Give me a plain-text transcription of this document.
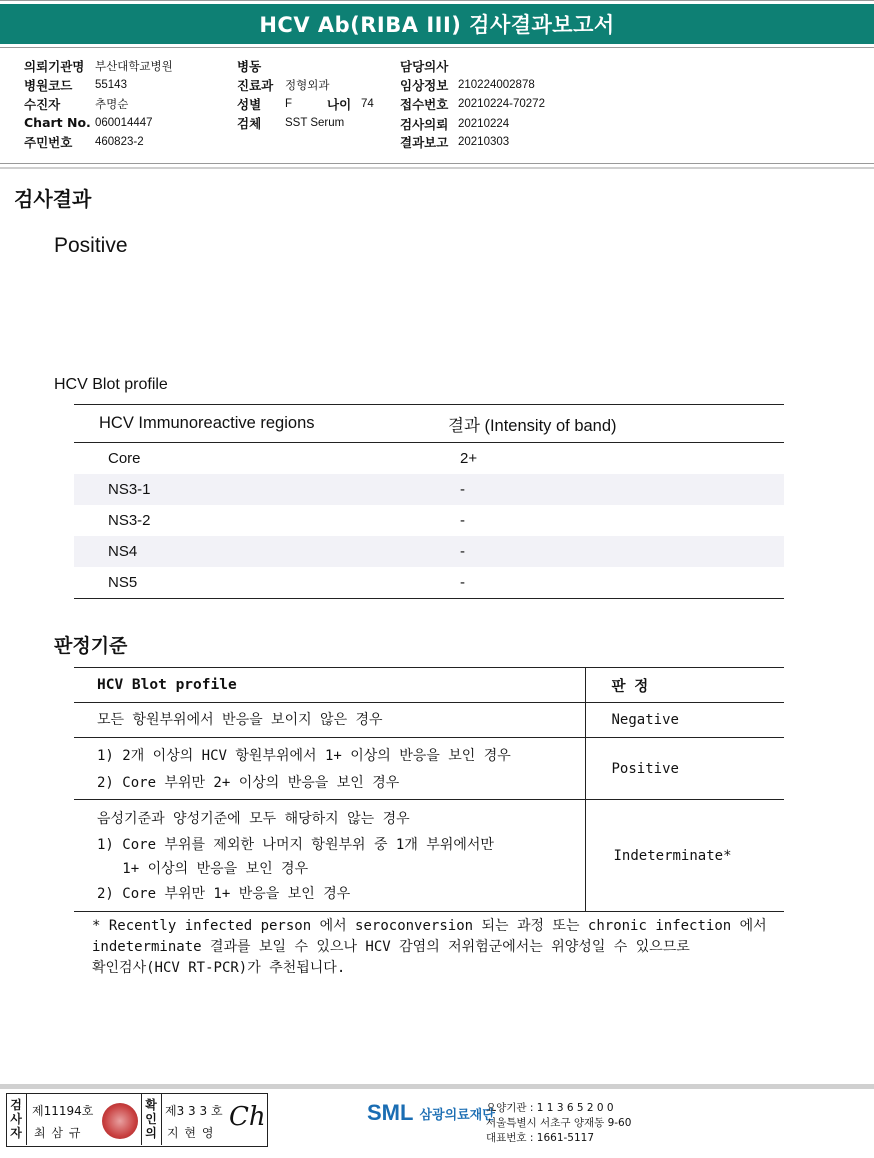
HCV Ab(RIBA III) 검사결과보고서
의뢰기관명 부산대학교병원
병원코드	55143
수진자	추명순
Chart No. 060014447
주민번호	460823-2
병동
진료과	정형외과
성별	F	나이 74
검체	SST Serum
담당의사
임상정보 210224002878
접수번호 20210224-70272
검사의뢰 20210224
결과보고 20210303
검사결과
Positive
HCV Blot profile
HCV Immunoreactive regions	결과 (Intensity of band)
Core	2+
NS3-1	-
NS3-2	-
NS4	-
NS5	-
판정기준
HCV Blot profile	판 정

모든 항원부위에서 반응을 보이지 않은 경우	Negative

1) 2개 이상의 HCV 항원부위에서 1+ 이상의 반응을 보인 경우
2) Core 부위만 2+ 이상의 반응을 보인 경우	Positive

음성기준과 양성기준에 모두 해당하지 않는 경우
1) Core 부위를 제외한 나머지 항원부위 중 1개 부위에서만
1+ 이상의 반응을 보인 경우
2) Core 부위만 1+ 반응을 보인 경우	Indeterminate*
* Recently infected person 에서 seroconversion 되는 과정 또는 chronic infection 에서
indeterminate 결과를 보일 수 있으나 HCV 감염의 저위험군에서는 위양성일 수 있으므로
확인검사(HCV RT-PCR)가 추천됩니다.
검사자
제11194호
최 삼 규
확인의
제3 3 3 호
지 현 영
Ch	SML 삼광의료재단
요양기관 : 1 1 3 6 5 2 0 0
서울특별시 서초구 양재동 9-60
대표번호 : 1661-5117
